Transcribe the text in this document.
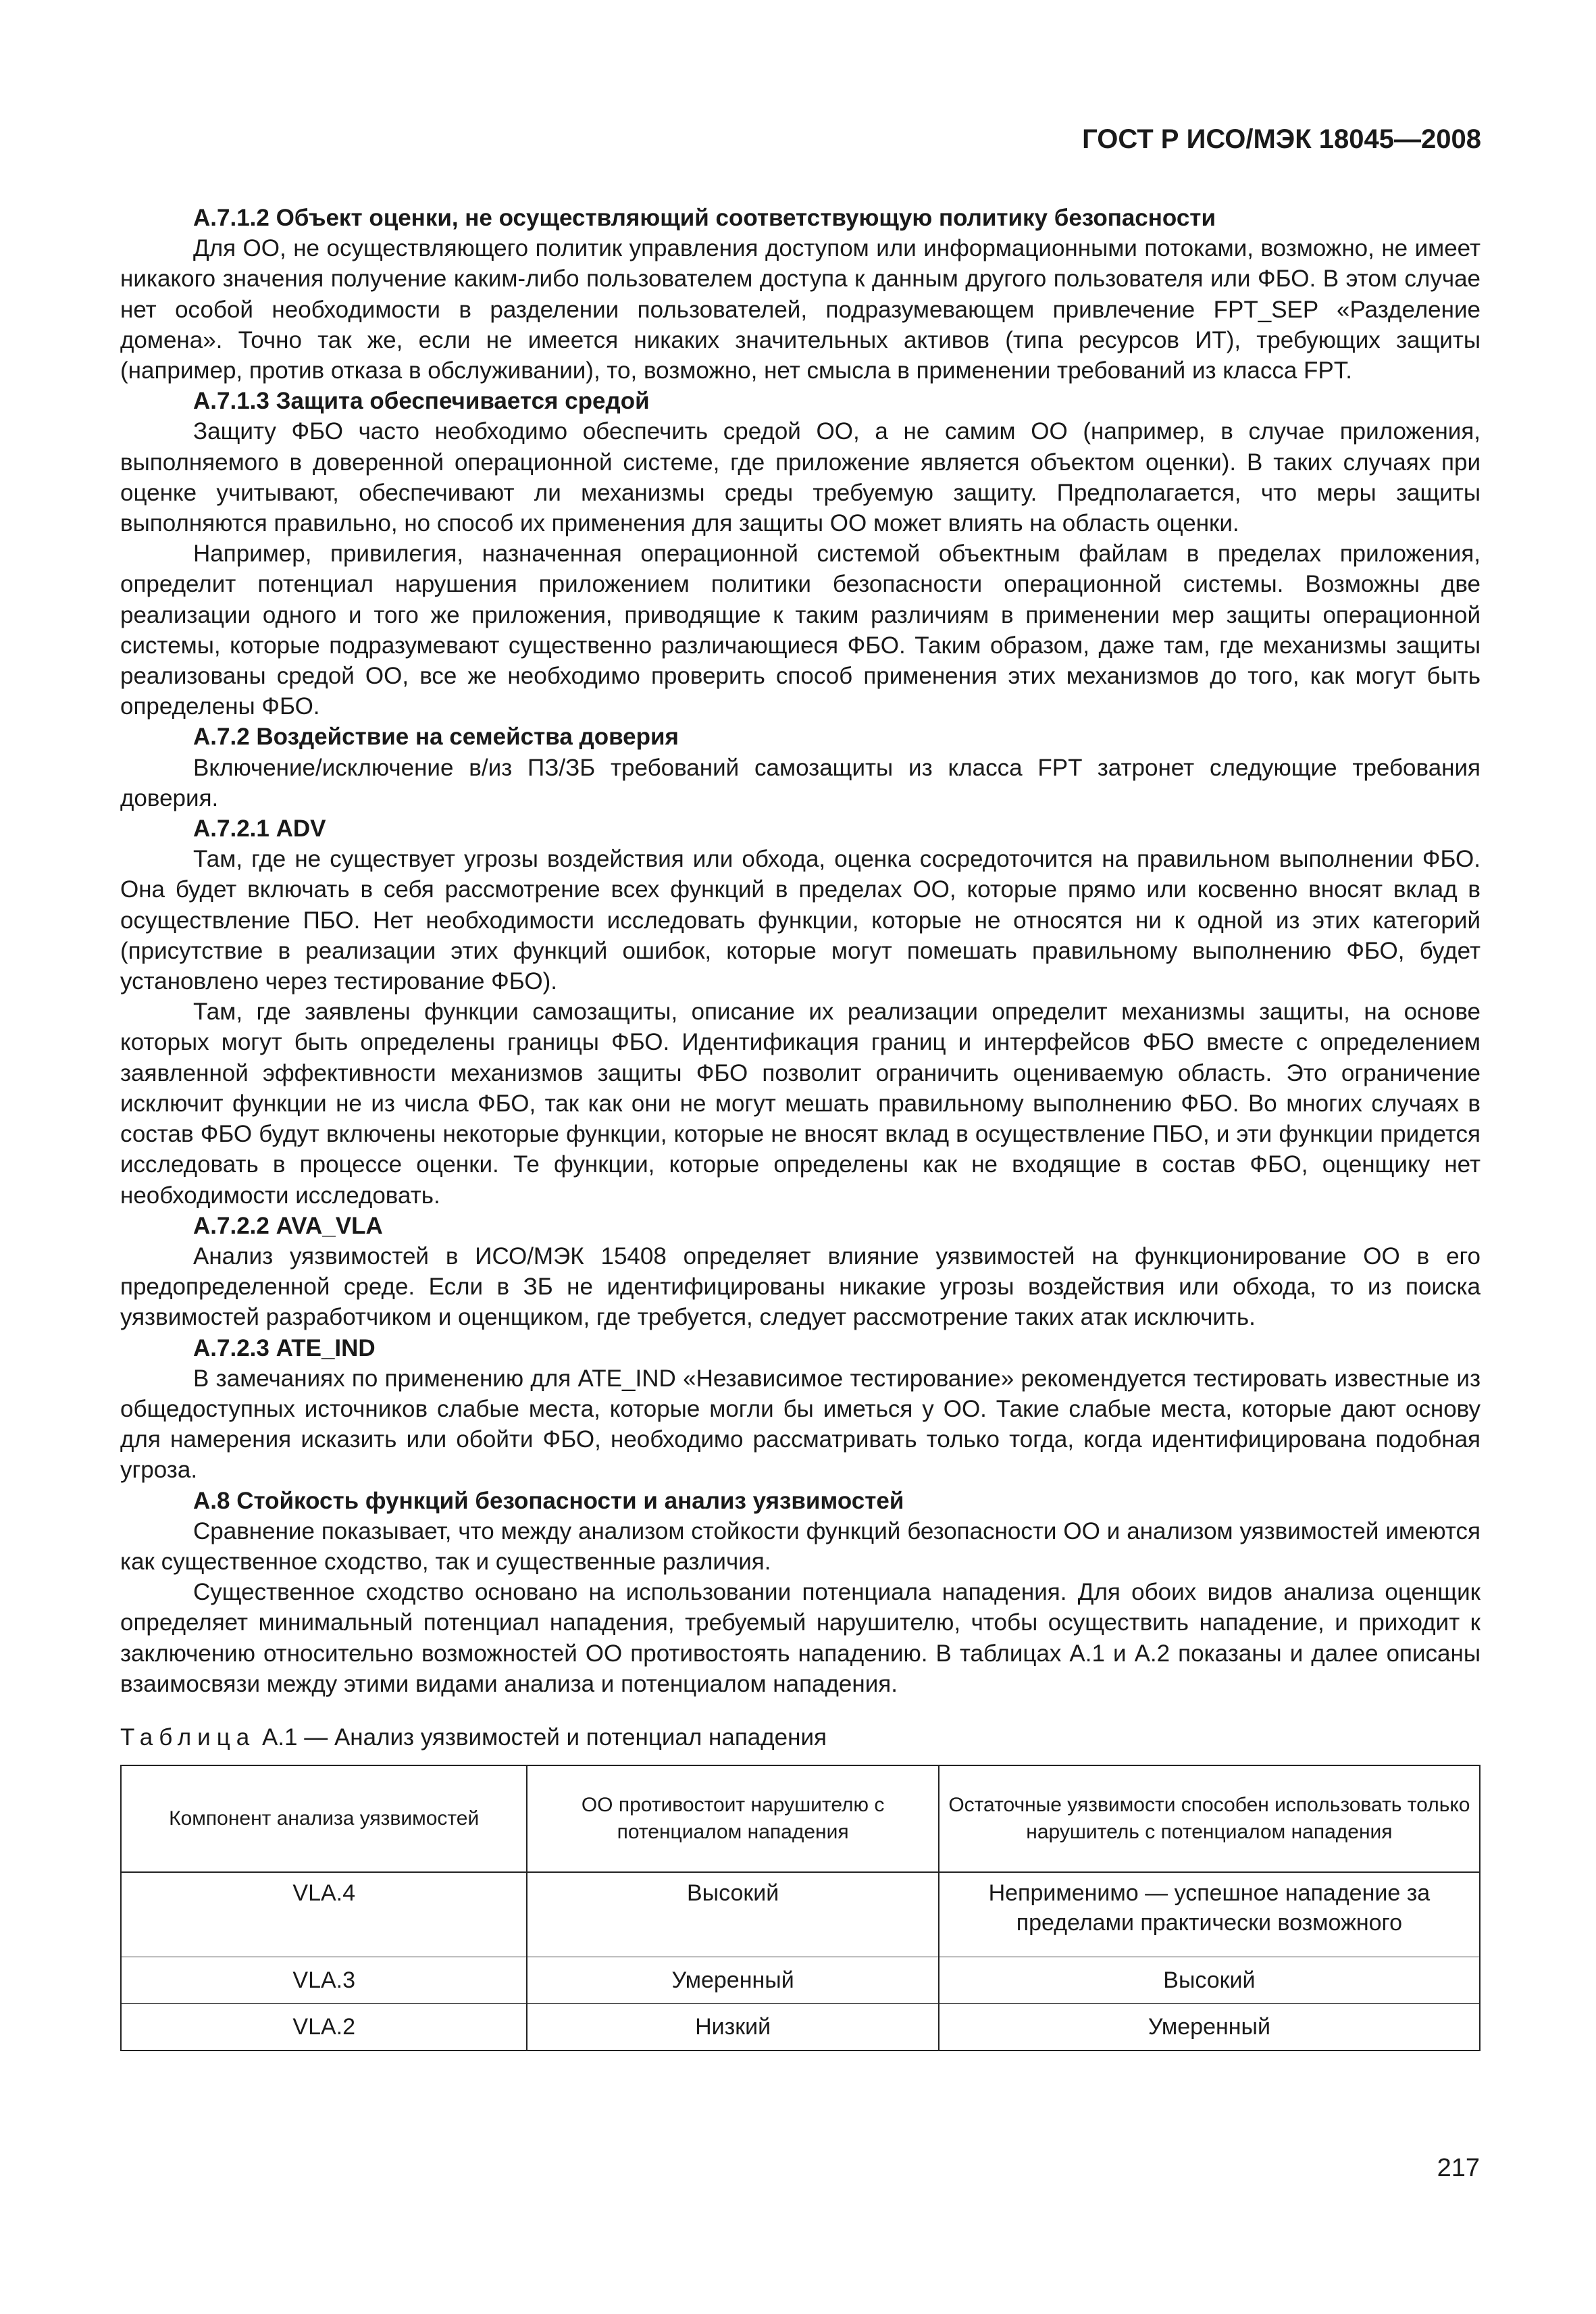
ГОСТ Р ИСО/МЭК 18045—2008

А.7.1.2 Объект оценки, не осуществляющий соответствующую политику безопасности

Для ОО, не осуществляющего политик управления доступом или информационными потоками, возможно, не имеет никакого значения получение каким-либо пользователем доступа к данным другого пользователя или ФБО. В этом случае нет особой необходимости в разделении пользователей, подразумевающем привлечение FPT_SEP «Разделение домена». Точно так же, если не имеется никаких значительных активов (типа ресурсов ИТ), требующих защиты (например, против отказа в обслуживании), то, возможно, нет смысла в применении требований из класса FPT.

А.7.1.3 Защита обеспечивается средой

Защиту ФБО часто необходимо обеспечить средой ОО, а не самим ОО (например, в случае приложения, выполняемого в доверенной операционной системе, где приложение является объектом оценки). В таких случаях при оценке учитывают, обеспечивают ли механизмы среды требуемую защиту. Предполагается, что меры защиты выполняются правильно, но способ их применения для защиты ОО может влиять на область оценки.

Например, привилегия, назначенная операционной системой объектным файлам в пределах приложения, определит потенциал нарушения приложением политики безопасности операционной системы. Возможны две реализации одного и того же приложения, приводящие к таким различиям в применении мер защиты операционной системы, которые подразумевают существенно различающиеся ФБО. Таким образом, даже там, где механизмы защиты реализованы средой ОО, все же необходимо проверить способ применения этих механизмов до того, как могут быть определены ФБО.

А.7.2 Воздействие на семейства доверия

Включение/исключение в/из ПЗ/ЗБ требований самозащиты из класса FPT затронет следующие требования доверия.

А.7.2.1 ADV

Там, где не существует угрозы воздействия или обхода, оценка сосредоточится на правильном выполнении ФБО. Она будет включать в себя рассмотрение всех функций в пределах ОО, которые прямо или косвенно вносят вклад в осуществление ПБО. Нет необходимости исследовать функции, которые не относятся ни к одной из этих категорий (присутствие в реализации этих функций ошибок, которые могут помешать правильному выполнению ФБО, будет установлено через тестирование ФБО).

Там, где заявлены функции самозащиты, описание их реализации определит механизмы защиты, на основе которых могут быть определены границы ФБО. Идентификация границ и интерфейсов ФБО вместе с определением заявленной эффективности механизмов защиты ФБО позволит ограничить оцениваемую область. Это ограничение исключит функции не из числа ФБО, так как они не могут мешать правильному выполнению ФБО. Во многих случаях в состав ФБО будут включены некоторые функции, которые не вносят вклад в осуществление ПБО, и эти функции придется исследовать в процессе оценки. Те функции, которые определены как не входящие в состав ФБО, оценщику нет необходимости исследовать.

А.7.2.2 AVA_VLA

Анализ уязвимостей в ИСО/МЭК 15408 определяет влияние уязвимостей на функционирование ОО в его предопределенной среде. Если в ЗБ не идентифицированы никакие угрозы воздействия или обхода, то из поиска уязвимостей разработчиком и оценщиком, где требуется, следует рассмотрение таких атак исключить.

А.7.2.3 ATE_IND

В замечаниях по применению для ATE_IND «Независимое тестирование» рекомендуется тестировать известные из общедоступных источников слабые места, которые могли бы иметься у ОО. Такие слабые места, которые дают основу для намерения исказить или обойти ФБО, необходимо рассматривать только тогда, когда идентифицирована подобная угроза.

А.8 Стойкость функций безопасности и анализ уязвимостей

Сравнение показывает, что между анализом стойкости функций безопасности ОО и анализом уязвимостей имеются как существенное сходство, так и существенные различия.

Существенное сходство основано на использовании потенциала нападения. Для обоих видов анализа оценщик определяет минимальный потенциал нападения, требуемый нарушителю, чтобы осуществить нападение, и приходит к заключению относительно возможностей ОО противостоять нападению. В таблицах А.1 и А.2 показаны и далее описаны взаимосвязи между этими видами анализа и потенциалом нападения.

Таблица А.1 — Анализ уязвимостей и потенциал нападения
Компонент анализа уязвимостей	ОО противостоит нарушителю с потенциалом нападения	Остаточные уязвимости способен использовать только нарушитель с потенциалом нападения
VLA.4	Высокий	Неприменимо — успешное нападение за пределами практически возможного
VLA.3	Умеренный	Высокий
VLA.2	Низкий	Умеренный
217
